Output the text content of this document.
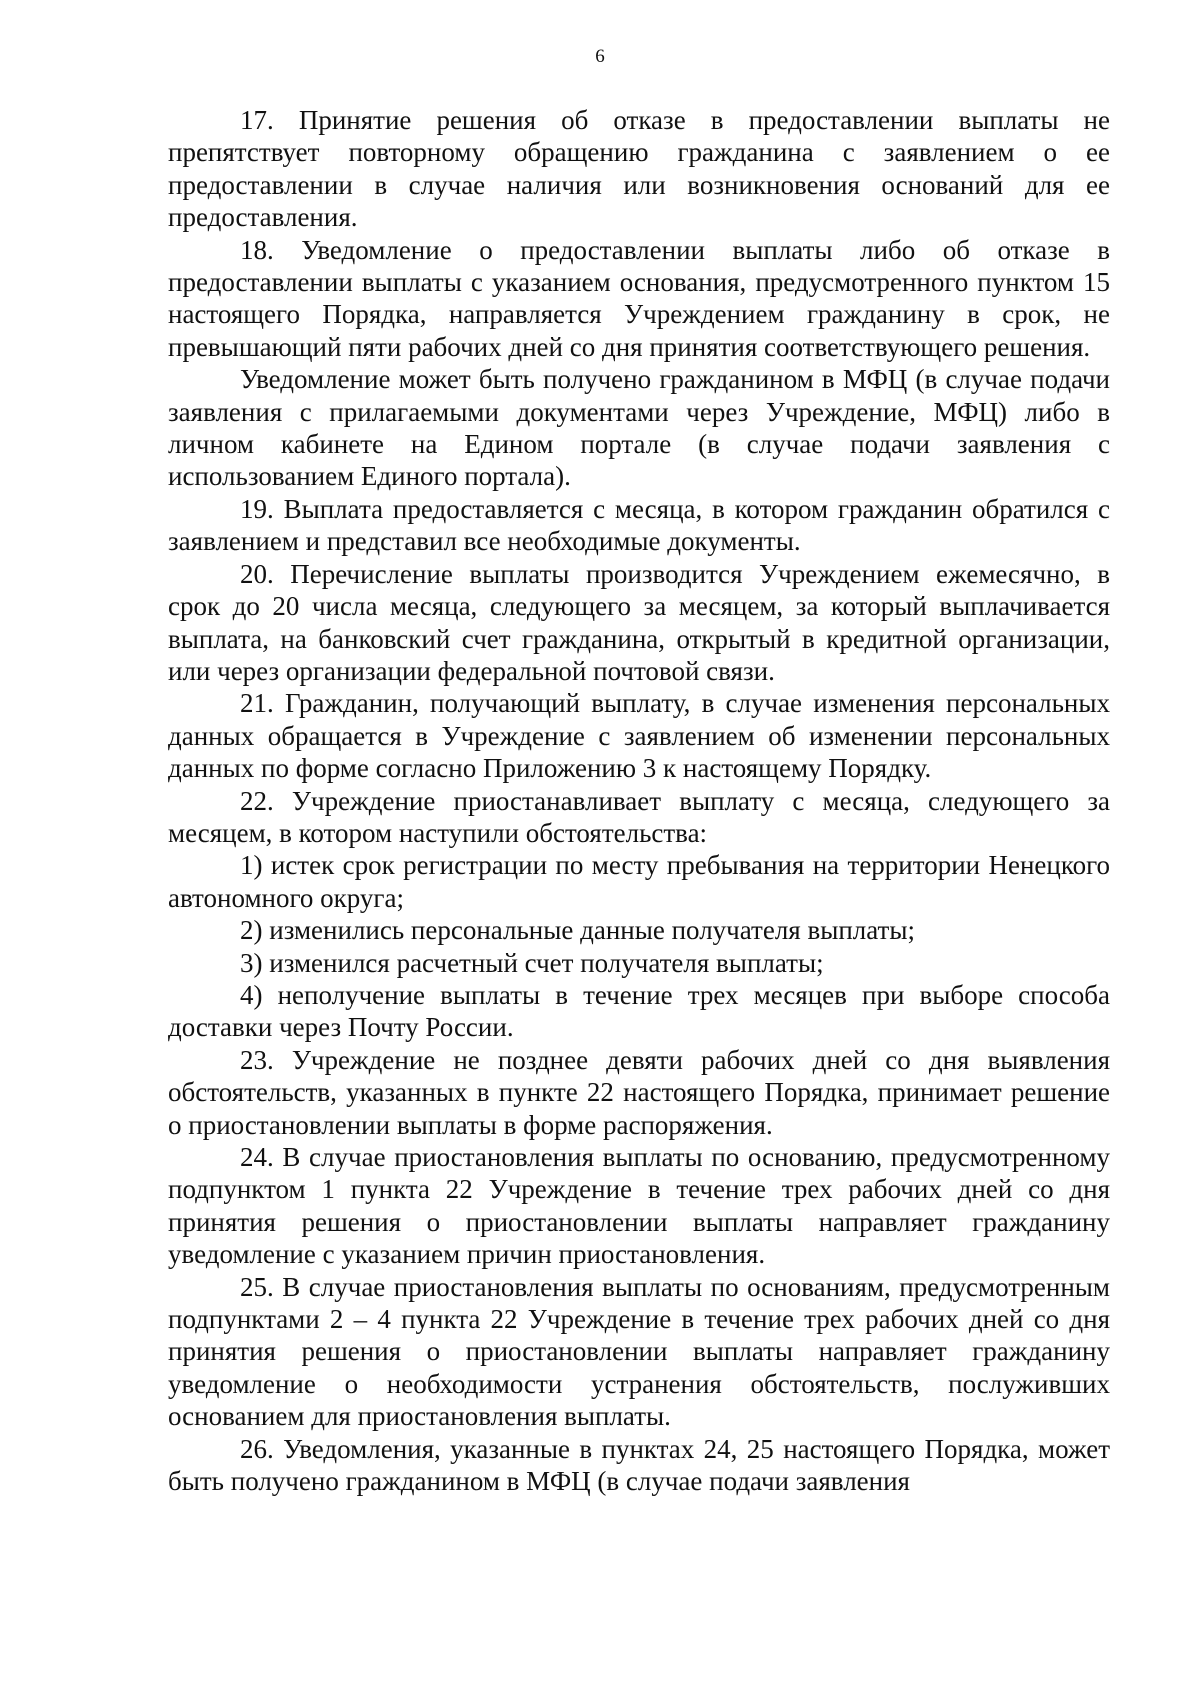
6

17. Принятие решения об отказе в предоставлении выплаты не препятствует повторному обращению гражданина с заявлением о ее предоставлении в случае наличия или возникновения оснований для ее предоставления.

18. Уведомление о предоставлении выплаты либо об отказе в предоставлении выплаты с указанием основания, предусмотренного пунктом 15 настоящего Порядка, направляется Учреждением гражданину в срок, не превышающий пяти рабочих дней со дня принятия соответствующего решения.

Уведомление может быть получено гражданином в МФЦ (в случае подачи заявления с прилагаемыми документами через Учреждение, МФЦ) либо в личном кабинете на Едином портале (в случае подачи заявления с использованием Единого портала).

19. Выплата предоставляется с месяца, в котором гражданин обратился с заявлением и представил все необходимые документы.

20. Перечисление выплаты производится Учреждением ежемесячно, в срок до 20 числа месяца, следующего за месяцем, за который выплачивается выплата, на банковский счет гражданина, открытый в кредитной организации, или через организации федеральной почтовой связи.

21. Гражданин, получающий выплату, в случае изменения персональных данных обращается в Учреждение с заявлением об изменении персональных данных по форме согласно Приложению 3 к настоящему Порядку.

22. Учреждение приостанавливает выплату с месяца, следующего за месяцем, в котором наступили обстоятельства:

1) истек срок регистрации по месту пребывания на территории Ненецкого автономного округа;

2) изменились персональные данные получателя выплаты;

3) изменился расчетный счет получателя выплаты;

4) неполучение выплаты в течение трех месяцев при выборе способа доставки через Почту России.

23. Учреждение не позднее девяти рабочих дней со дня выявления обстоятельств, указанных в пункте 22 настоящего Порядка, принимает решение о приостановлении выплаты в форме распоряжения.

24. В случае приостановления выплаты по основанию, предусмотренному подпунктом 1 пункта 22 Учреждение в течение трех рабочих дней со дня принятия решения о приостановлении выплаты направляет гражданину уведомление с указанием причин приостановления.

25. В случае приостановления выплаты по основаниям, предусмотренным подпунктами 2 – 4 пункта 22 Учреждение в течение трех рабочих дней со дня принятия решения о приостановлении выплаты направляет гражданину уведомление о необходимости устранения обстоятельств, послуживших основанием для приостановления выплаты.

26. Уведомления, указанные в пунктах 24, 25 настоящего Порядка, может быть получено гражданином в МФЦ (в случае подачи заявления
